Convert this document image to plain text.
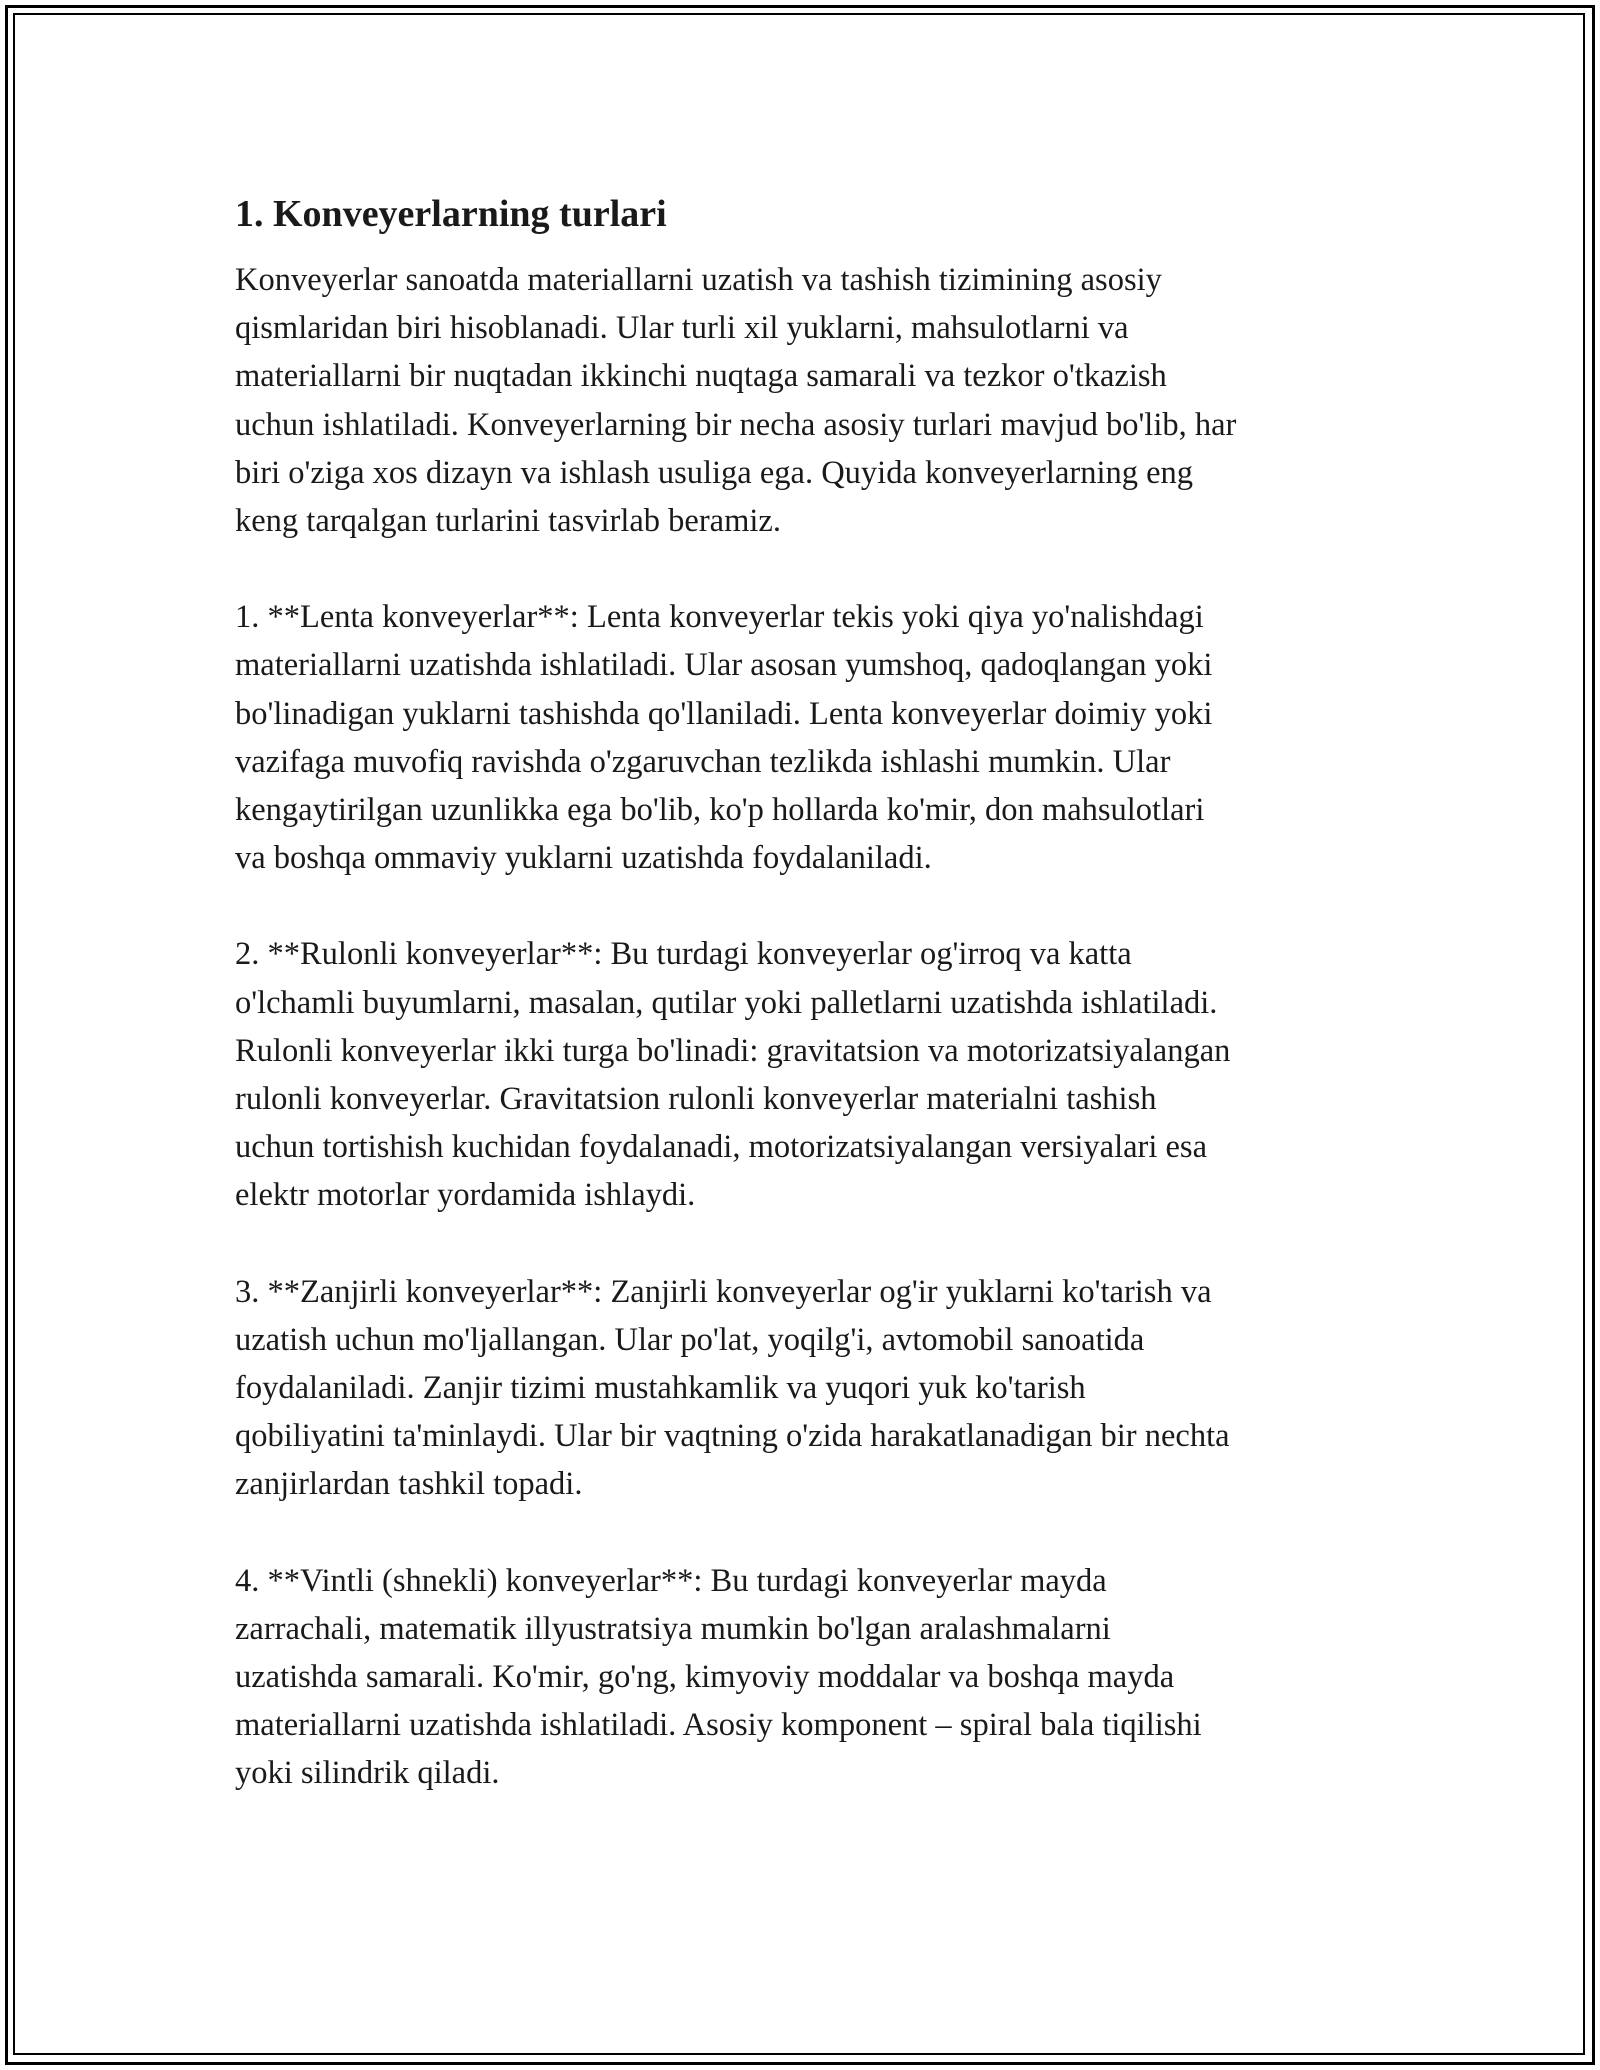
1. Konveyerlarning turlari

Konveyerlar sanoatda materiallarni uzatish va tashish tizimining asosiy
qismlaridan biri hisoblanadi. Ular turli xil yuklarni, mahsulotlarni va
materiallarni bir nuqtadan ikkinchi nuqtaga samarali va tezkor o'tkazish
uchun ishlatiladi. Konveyerlarning bir necha asosiy turlari mavjud bo'lib, har
biri o'ziga xos dizayn va ishlash usuliga ega. Quyida konveyerlarning eng
keng tarqalgan turlarini tasvirlab beramiz.

1. **Lenta konveyerlar**: Lenta konveyerlar tekis yoki qiya yo'nalishdagi
materiallarni uzatishda ishlatiladi. Ular asosan yumshoq, qadoqlangan yoki
bo'linadigan yuklarni tashishda qo'llaniladi. Lenta konveyerlar doimiy yoki
vazifaga muvofiq ravishda o'zgaruvchan tezlikda ishlashi mumkin. Ular
kengaytirilgan uzunlikka ega bo'lib, ko'p hollarda ko'mir, don mahsulotlari
va boshqa ommaviy yuklarni uzatishda foydalaniladi.

2. **Rulonli konveyerlar**: Bu turdagi konveyerlar og'irroq va katta
o'lchamli buyumlarni, masalan, qutilar yoki palletlarni uzatishda ishlatiladi.
Rulonli konveyerlar ikki turga bo'linadi: gravitatsion va motorizatsiyalangan
rulonli konveyerlar. Gravitatsion rulonli konveyerlar materialni tashish
uchun tortishish kuchidan foydalanadi, motorizatsiyalangan versiyalari esa
elektr motorlar yordamida ishlaydi.

3. **Zanjirli konveyerlar**: Zanjirli konveyerlar og'ir yuklarni ko'tarish va
uzatish uchun mo'ljallangan. Ular po'lat, yoqilg'i, avtomobil sanoatida
foydalaniladi. Zanjir tizimi mustahkamlik va yuqori yuk ko'tarish
qobiliyatini ta'minlaydi. Ular bir vaqtning o'zida harakatlanadigan bir nechta
zanjirlardan tashkil topadi.

4. **Vintli (shnekli) konveyerlar**: Bu turdagi konveyerlar mayda
zarrachali, matematik illyustratsiya mumkin bo'lgan aralashmalarni
uzatishda samarali. Ko'mir, go'ng, kimyoviy moddalar va boshqa mayda
materiallarni uzatishda ishlatiladi. Asosiy komponent – spiral bala tiqilishi
yoki silindrik qiladi.
